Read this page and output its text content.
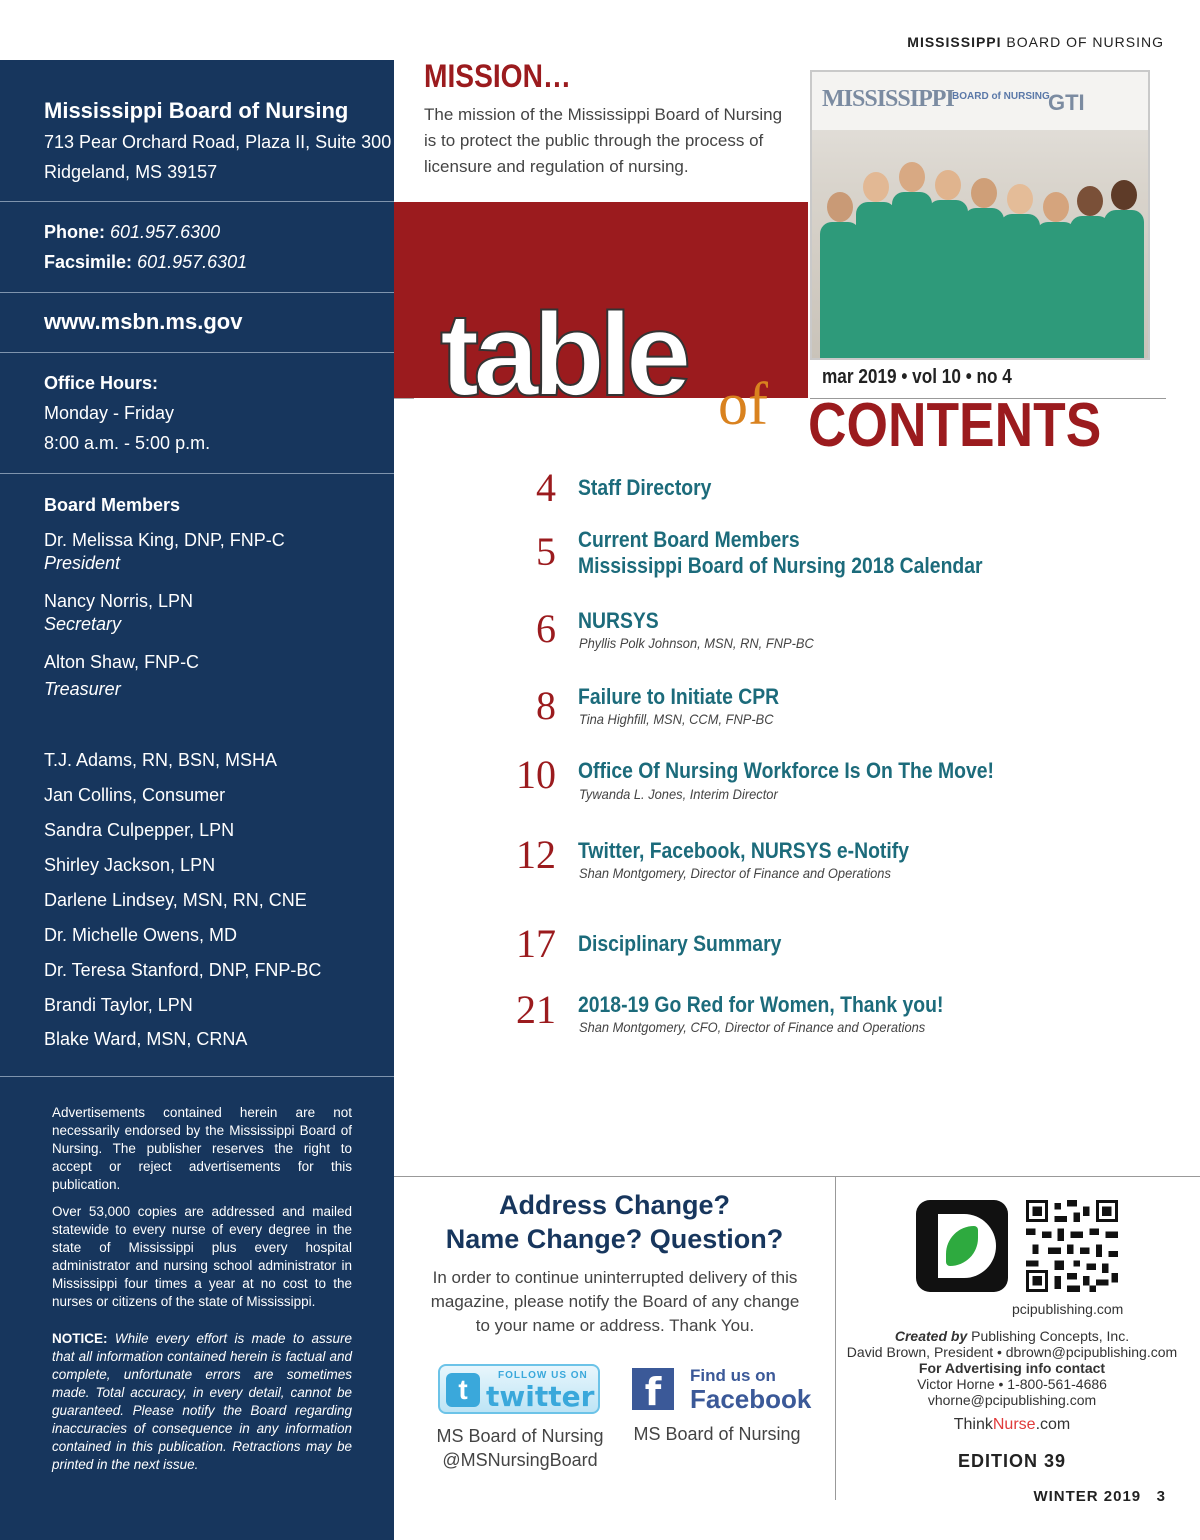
MISSISSIPPI BOARD OF NURSING
Mississippi Board of Nursing
713 Pear Orchard Road, Plaza II, Suite 300
Ridgeland, MS 39157
Phone: 601.957.6300
Facsimile: 601.957.6301
www.msbn.ms.gov
Office Hours:
Monday - Friday
8:00 a.m. - 5:00 p.m.
Board Members
Dr. Melissa King, DNP, FNP-C
President
Nancy Norris, LPN
Secretary
Alton Shaw, FNP-C
Treasurer
T.J. Adams, RN, BSN, MSHA
Jan Collins, Consumer
Sandra Culpepper, LPN
Shirley Jackson, LPN
Darlene Lindsey, MSN, RN, CNE
Dr. Michelle Owens, MD
Dr. Teresa Stanford, DNP, FNP-BC
Brandi Taylor, LPN
Blake Ward, MSN, CRNA
Advertisements contained herein are not necessarily endorsed by the Mississippi Board of Nursing. The publisher reserves the right to accept or reject advertisements for this publication.
Over 53,000 copies are addressed and mailed statewide to every nurse of every degree in the state of Mississippi plus every hospital administrator and nursing school administrator in Mississippi four times a year at no cost to the nurses or citizens of the state of Mississippi.
NOTICE: While every effort is made to assure that all information contained herein is factual and complete, unfortunate errors are sometimes made. Total accuracy, in every detail, cannot be guaranteed. Please notify the Board regarding inaccuracies of consequence in any information contained in this publication. Retractions may be printed in the next issue.
MISSION…
The mission of the Mississippi Board of Nursing is to protect the public through the process of licensure and regulation of nursing.
MISSISSIPPI
BOARD of NURSING
GTI
table of	mar 2019 • vol 10 • no 4
CONTENTS
4 Staff Directory
5 Current Board Members
Mississippi Board of Nursing 2018 Calendar
6 NURSYS
Phyllis Polk Johnson, MSN, RN, FNP-BC
8 Failure to Initiate CPR
Tina Highfill, MSN, CCM, FNP-BC
10 Office Of Nursing Workforce Is On The Move!
Tywanda L. Jones, Interim Director
12 Twitter, Facebook, NURSYS e-Notify
Shan Montgomery, Director of Finance and Operations
17 Disciplinary Summary
21 2018-19 Go Red for Women, Thank you!
Shan Montgomery, CFO, Director of Finance and Operations
Address Change?
Name Change? Question?
In order to continue uninterrupted delivery of this magazine, please notify the Board of any change to your name or address. Thank You.
t	FOLLOW US ON
twitter
MS Board of Nursing
@MSNursingBoard
f	Find us on
Facebook
MS Board of Nursing
pcipublishing.com
Created by Publishing Concepts, Inc.
David Brown, President • dbrown@pcipublishing.com
For Advertising info contact
Victor Horne • 1-800-561-4686
vhorne@pcipublishing.com
ThinkNurse.com
EDITION 39
WINTER 2019 3
